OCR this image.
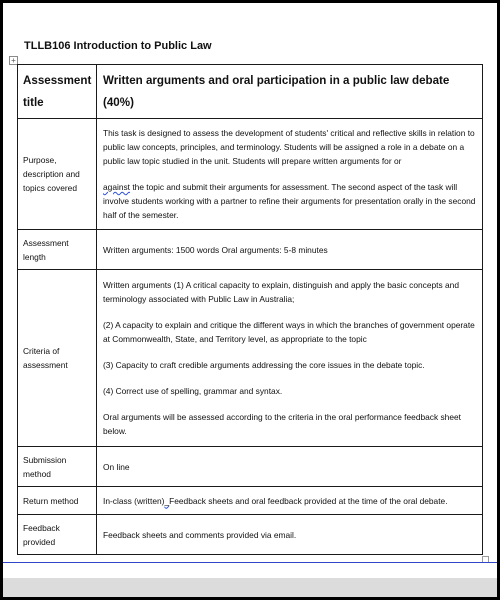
TLLB106 Introduction to Public Law
+
Assessment title	Written arguments and oral participation in a public law debate (40%)
Purpose, description and topics covered	This task is designed to assess the development of students' critical and reflective skills in relation to public law concepts, principles, and terminology. Students will be assigned a role in a debate on a public law topic studied in the unit. Students will prepare written arguments for or

against the topic and submit their arguments for assessment. The second aspect of the task will involve students working with a partner to refine their arguments for presentation orally in the second half of the semester.

Assessment length	Written arguments: 1500 words Oral arguments: 5-8 minutes
Criteria of assessment	Written arguments (1) A critical capacity to explain, distinguish and apply the basic concepts and terminology associated with Public Law in Australia;

(2) A capacity to explain and critique the different ways in which the branches of government operate at Commonwealth, State, and Territory level, as appropriate to the topic

(3) Capacity to craft credible arguments addressing the core issues in the debate topic.

(4) Correct use of spelling, grammar and syntax.

Oral arguments will be assessed according to the criteria in the oral performance feedback sheet below.

Submission method	On line
Return method	In-class (written)_Feedback sheets and oral feedback provided at the time of the oral debate.
Feedback provided	Feedback sheets and comments provided via email.
